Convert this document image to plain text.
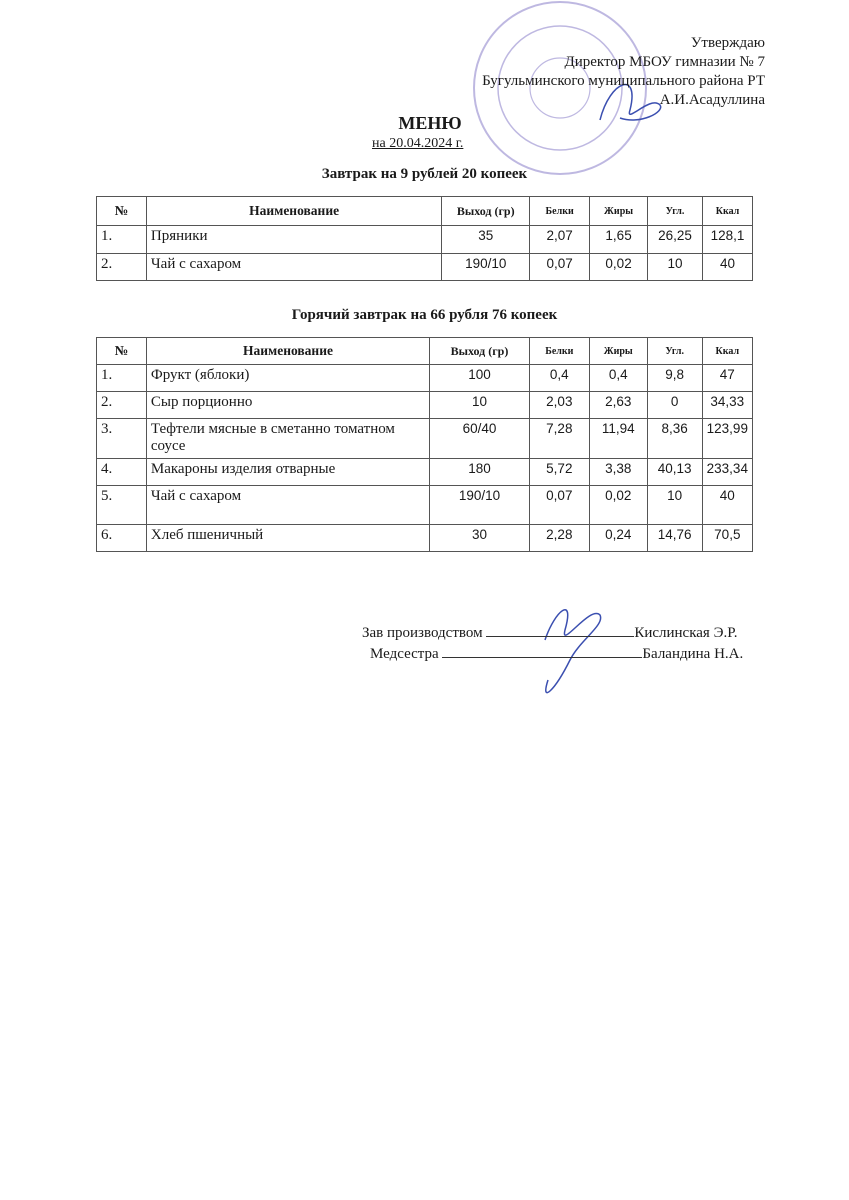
Утверждаю
Директор МБОУ гимназии № 7
Бугульминского муниципального района РТ
А.И.Асадуллина
МЕНЮ
на 20.04.2024 г.
Завтрак на 9 рублей 20 копеек
№	Наименование	Выход (гр)	Белки	Жиры	Угл.	Ккал
1.	Пряники	35	2,07	1,65	26,25	128,1
2.	Чай с сахаром	190/10	0,07	0,02	10	40
Горячий завтрак на 66 рубля 76 копеек
№	Наименование	Выход (гр)	Белки	Жиры	Угл.	Ккал
1.	Фрукт (яблоки)	100	0,4	0,4	9,8	47
2.	Сыр порционно	10	2,03	2,63	0	34,33
3.	Тефтели мясные в сметанно томатном соусе	60/40	7,28	11,94	8,36	123,99
4.	Макароны изделия отварные	180	5,72	3,38	40,13	233,34
5.	Чай с сахаром	190/10	0,07	0,02	10	40
6.	Хлеб пшеничный	30	2,28	0,24	14,76	70,5
Зав производством	Кислинская Э.Р.
Медсестра	Баландина Н.А.
